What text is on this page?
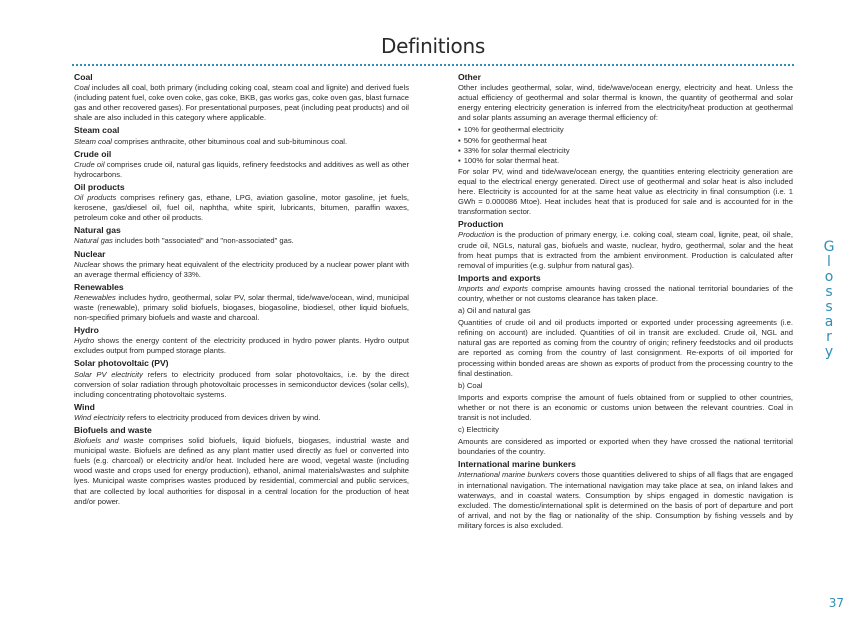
Definitions
Coal

Coal includes all coal, both primary (including coking coal, steam coal and lignite) and derived fuels (including patent fuel, coke oven coke, gas coke, BKB, gas works gas, coke oven gas, blast furnace gas and other recovered gases). For presentational purposes, peat (including peat products) and oil shale are also included in this category where applicable.

Steam coal

Steam coal comprises anthracite, other bituminous coal and sub-bituminous coal.

Crude oil

Crude oil comprises crude oil, natural gas liquids, refinery feedstocks and additives as well as other hydrocarbons.

Oil products

Oil products comprises refinery gas, ethane, LPG, aviation gasoline, motor gasoline, jet fuels, kerosene, gas/diesel oil, fuel oil, naphtha, white spirit, lubricants, bitumen, paraffin waxes, petroleum coke and other oil products.

Natural gas

Natural gas includes both "associated" and "non-associated" gas.

Nuclear

Nuclear shows the primary heat equivalent of the electricity produced by a nuclear power plant with an average thermal efficiency of 33%.

Renewables

Renewables includes hydro, geothermal, solar PV, solar thermal, tide/wave/ocean, wind, municipal waste (renewable), primary solid biofuels, biogases, biogasoline, biodiesel, other liquid biofuels, non-specified primary biofuels and waste and charcoal.

Hydro

Hydro shows the energy content of the electricity produced in hydro power plants. Hydro output excludes output from pumped storage plants.

Solar photovoltaic (PV)

Solar PV electricity refers to electricity produced from solar photovoltaics, i.e. by the direct conversion of solar radiation through photovoltaic processes in semiconductor devices (solar cells), including concentrating photovoltaic systems.

Wind

Wind electricity refers to electricity produced from devices driven by wind.

Biofuels and waste

Biofuels and waste comprises solid biofuels, liquid biofuels, biogases, industrial waste and municipal waste. Biofuels are defined as any plant matter used directly as fuel or converted into fuels (e.g. charcoal) or electricity and/or heat. Included here are wood, vegetal waste (including wood waste and crops used for energy production), ethanol, animal materials/wastes and sulphite lyes. Municipal waste comprises wastes produced by residential, commercial and public services, that are collected by local authorities for disposal in a central location for the production of heat and/or power.

Other

Other includes geothermal, solar, wind, tide/wave/ocean energy, electricity and heat. Unless the actual efficiency of geothermal and solar thermal is known, the quantity of geothermal and solar energy entering electricity generation is inferred from the electricity/heat production at geothermal and solar plants assuming an average thermal efficiency of:

▪ 10% for geothermal electricity
▪ 50% for geothermal heat
▪ 33% for solar thermal electricity
▪ 100% for solar thermal heat.

For solar PV, wind and tide/wave/ocean energy, the quantities entering electricity generation are equal to the electrical energy generated. Direct use of geothermal and solar heat is also included here. Electricity is accounted for at the same heat value as electricity in final consumption (i.e. 1 GWh = 0.000086 Mtoe). Heat includes heat that is produced for sale and is accounted for in the transformation sector.

Production

Production is the production of primary energy, i.e. coking coal, steam coal, lignite, peat, oil shale, crude oil, NGLs, natural gas, biofuels and waste, nuclear, hydro, geothermal, solar and the heat from heat pumps that is extracted from the ambient environment. Production is calculated after removal of impurities (e.g. sulphur from natural gas).

Imports and exports

Imports and exports comprise amounts having crossed the national territorial boundaries of the country, whether or not customs clearance has taken place.

a) Oil and natural gas

Quantities of crude oil and oil products imported or exported under processing agreements (i.e. refining on account) are included. Quantities of oil in transit are excluded. Crude oil, NGL and natural gas are reported as coming from the country of origin; refinery feedstocks and oil products are reported as coming from the country of last consignment. Re-exports of oil imported for processing within bonded areas are shown as exports of product from the processing country to the final destination.

b) Coal

Imports and exports comprise the amount of fuels obtained from or supplied to other countries, whether or not there is an economic or customs union between the relevant countries. Coal in transit is not included.

c) Electricity

Amounts are considered as imported or exported when they have crossed the national territorial boundaries of the country.

International marine bunkers

International marine bunkers covers those quantities delivered to ships of all flags that are engaged in international navigation. The international navigation may take place at sea, on inland lakes and waterways, and in coastal waters. Consumption by ships engaged in domestic navigation is excluded. The domestic/international split is determined on the basis of port of departure and port of arrival, and not by the flag or nationality of the ship. Consumption by fishing vessels and by military forces is also excluded.

G
l
o
s
s
a
r
y
37
